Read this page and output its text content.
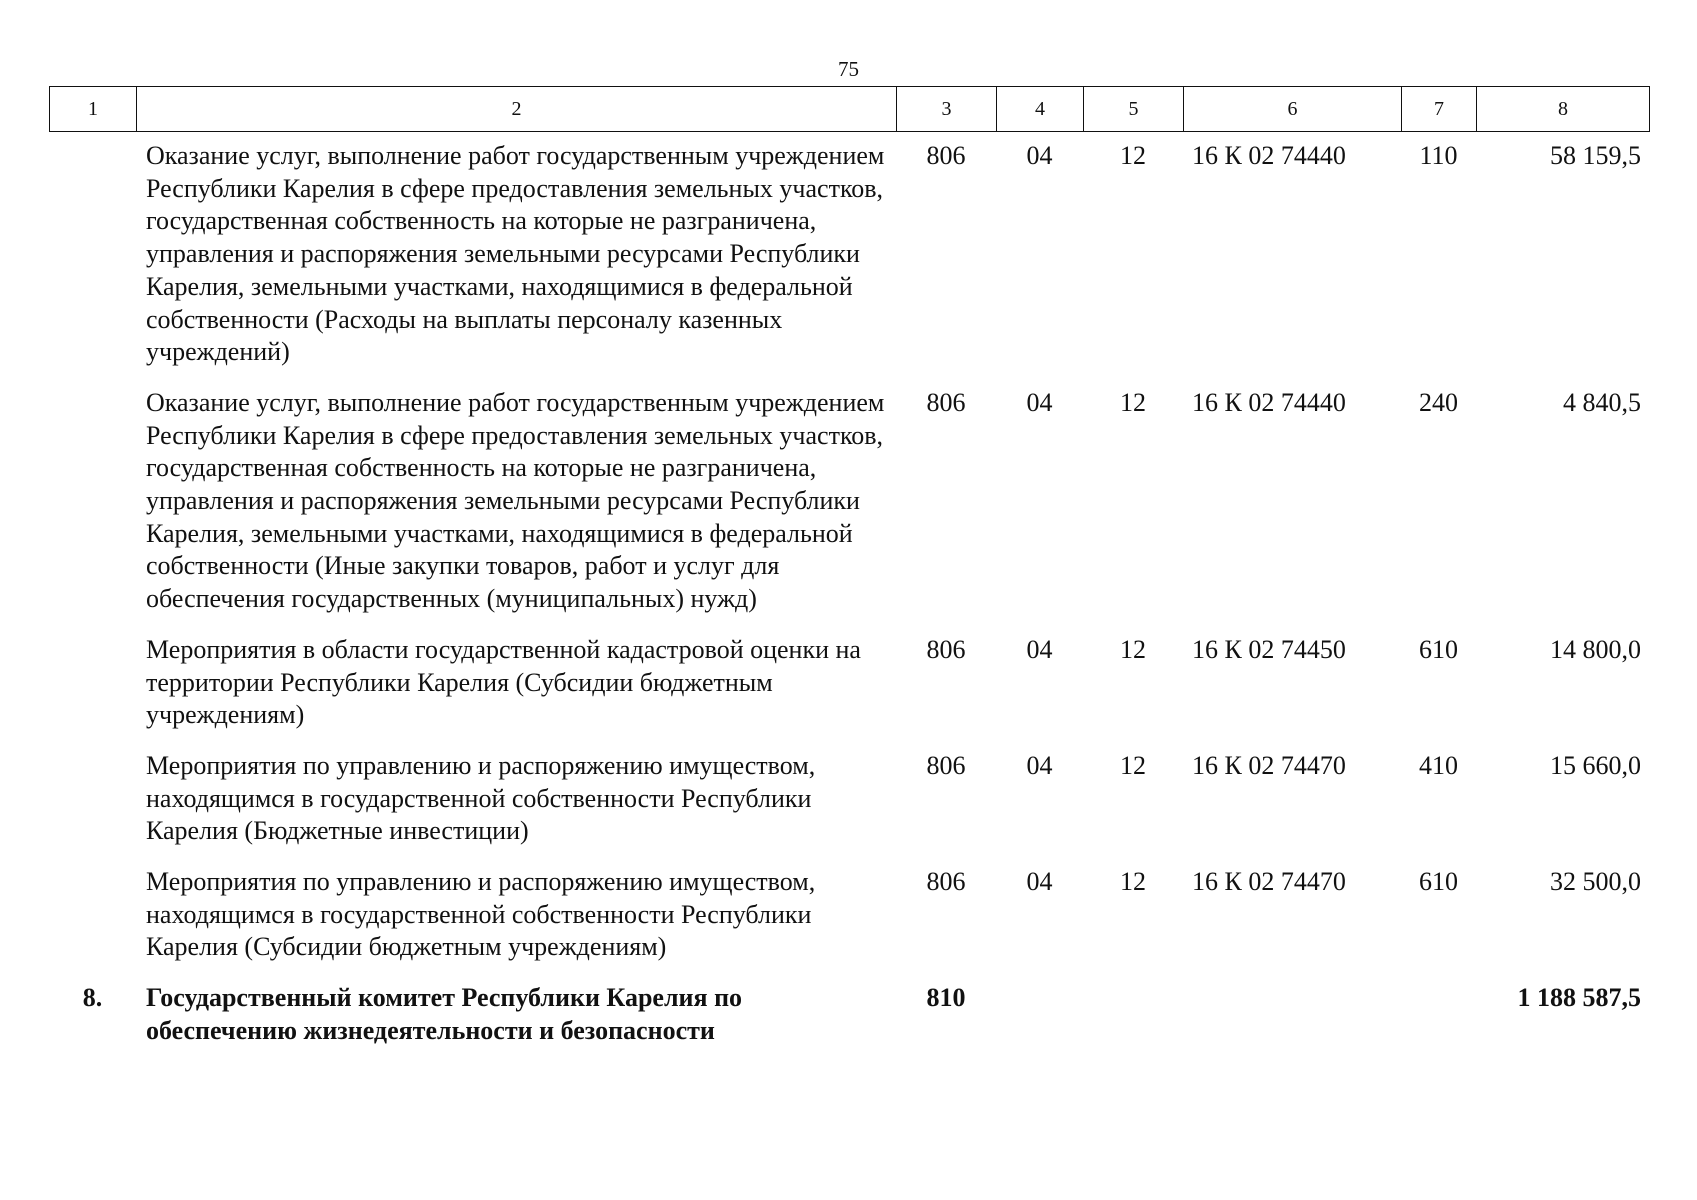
75
1	2	3	4	5	6	7	8
	Оказание услуг, выполнение работ государственным учреждением Республики Карелия в сфере предоставления земельных участков, государственная собственность на которые не разграничена, управления и распоряжения земельными ресурсами Республики Карелия, земельными участками, находящимися в федеральной собственности (Расходы на выплаты персоналу казенных учреждений)	806	04	12	16 К 02 74440	110	58 159,5
	Оказание услуг, выполнение работ государственным учреждением Республики Карелия в сфере предоставления земельных участков, государственная собственность на которые не разграничена, управления и распоряжения земельными ресурсами Республики Карелия, земельными участками, находящимися в федеральной собственности (Иные закупки товаров, работ и услуг для обеспечения государственных (муниципальных) нужд)	806	04	12	16 К 02 74440	240	4 840,5
	Мероприятия в области государственной кадастровой оценки на территории Республики Карелия (Субсидии бюджетным учреждениям)	806	04	12	16 К 02 74450	610	14 800,0
	Мероприятия по управлению и распоряжению имуществом, находящимся в государственной собственности Республики Карелия (Бюджетные инвестиции)	806	04	12	16 К 02 74470	410	15 660,0
	Мероприятия по управлению и распоряжению имуществом, находящимся в государственной собственности Республики Карелия (Субсидии бюджетным учреждениям)	806	04	12	16 К 02 74470	610	32 500,0
8.	Государственный комитет Республики Карелия по обеспечению жизнедеятельности и безопасности	810					1 188 587,5
